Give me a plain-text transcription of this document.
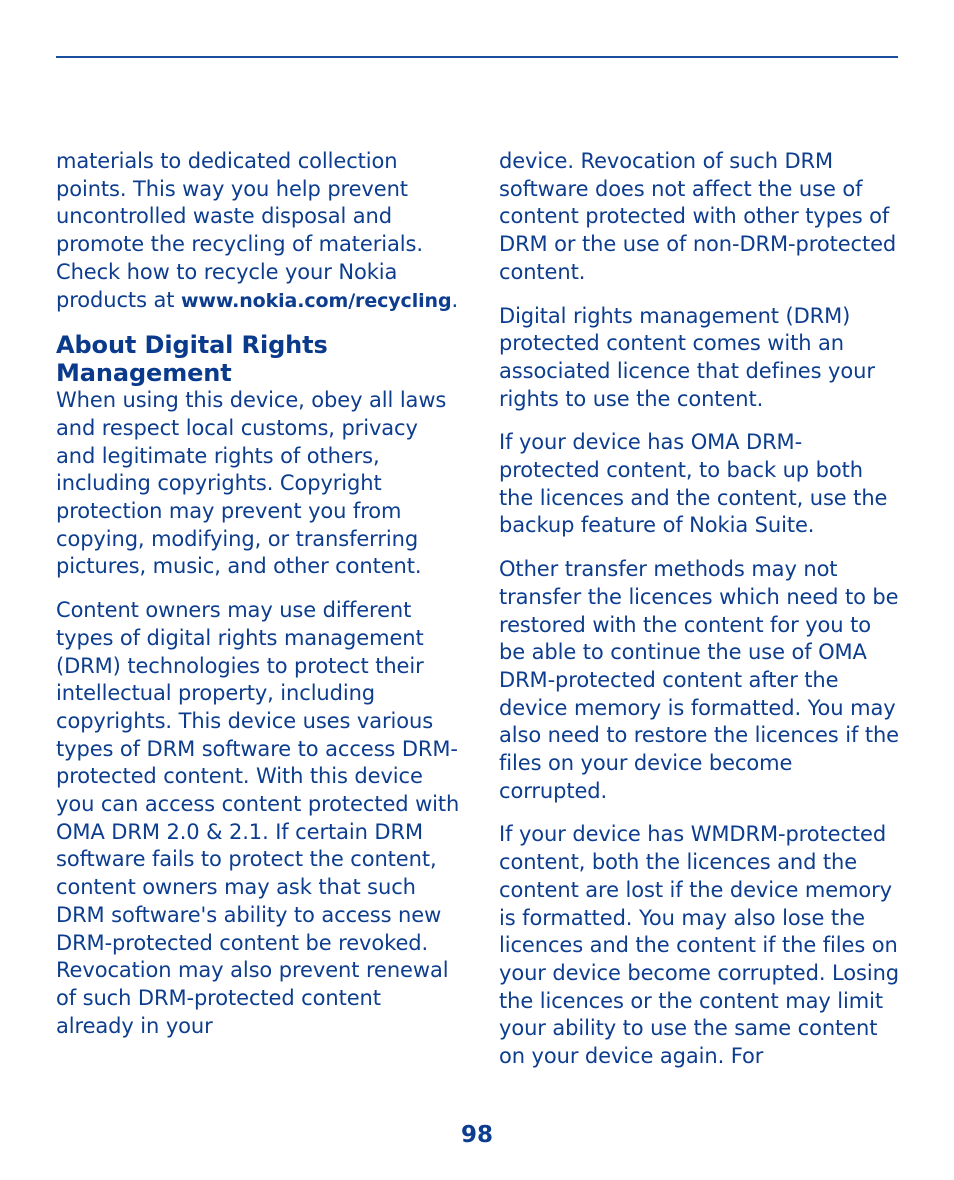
materials to dedicated collection points. This way you help prevent uncontrolled waste disposal and promote the recycling of materials. Check how to recycle your Nokia products at www.nokia.com/recycling.

About Digital Rights Management

When using this device, obey all laws and respect local customs, privacy and legitimate rights of others, including copyrights. Copyright protection may prevent you from copying, modifying, or transferring pictures, music, and other content.

Content owners may use different types of digital rights management (DRM) technologies to protect their intellectual property, including copyrights. This device uses various types of DRM software to access DRM-protected content. With this device you can access content protected with OMA DRM 2.0 & 2.1. If certain DRM software fails to protect the content, content owners may ask that such DRM software's ability to access new DRM-protected content be revoked. Revocation may also prevent renewal of such DRM-protected content already in your

device. Revocation of such DRM software does not affect the use of content protected with other types of DRM or the use of non-DRM-protected content.

Digital rights management (DRM) protected content comes with an associated licence that defines your rights to use the content.

If your device has OMA DRM-protected content, to back up both the licences and the content, use the backup feature of Nokia Suite.

Other transfer methods may not transfer the licences which need to be restored with the content for you to be able to continue the use of OMA DRM-protected content after the device memory is formatted. You may also need to restore the licences if the files on your device become corrupted.

If your device has WMDRM-protected content, both the licences and the content are lost if the device memory is formatted. You may also lose the licences and the content if the files on your device become corrupted. Losing the licences or the content may limit your ability to use the same content on your device again. For

98
